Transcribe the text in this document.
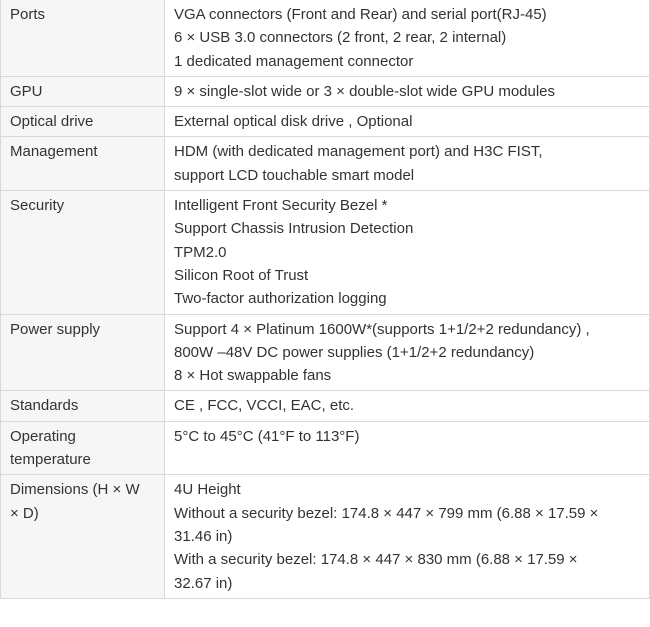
Ports	VGA connectors (Front and Rear) and serial port(RJ-45)
6 × USB 3.0 connectors (2 front, 2 rear, 2 internal)
1 dedicated management connector

GPU	9 × single-slot wide or 3 × double-slot wide GPU modules

Optical drive	External optical disk drive , Optional

Management	HDM (with dedicated management port) and H3C FIST,
support LCD touchable smart model

Security	Intelligent Front Security Bezel *
Support Chassis Intrusion Detection
TPM2.0
Silicon Root of Trust
Two-factor authorization logging

Power supply	Support 4 × Platinum 1600W*(supports 1+1/2+2 redundancy) ,
800W –48V DC power supplies (1+1/2+2 redundancy)
8 × Hot swappable fans

Standards	CE , FCC, VCCI, EAC, etc.

Operating
temperature	5°C to 45°C (41°F to 113°F)

Dimensions (H × W
× D)	4U Height
Without a security bezel: 174.8 × 447 × 799 mm (6.88 × 17.59 ×
31.46 in)
With a security bezel: 174.8 × 447 × 830 mm (6.88 × 17.59 ×
32.67 in)
